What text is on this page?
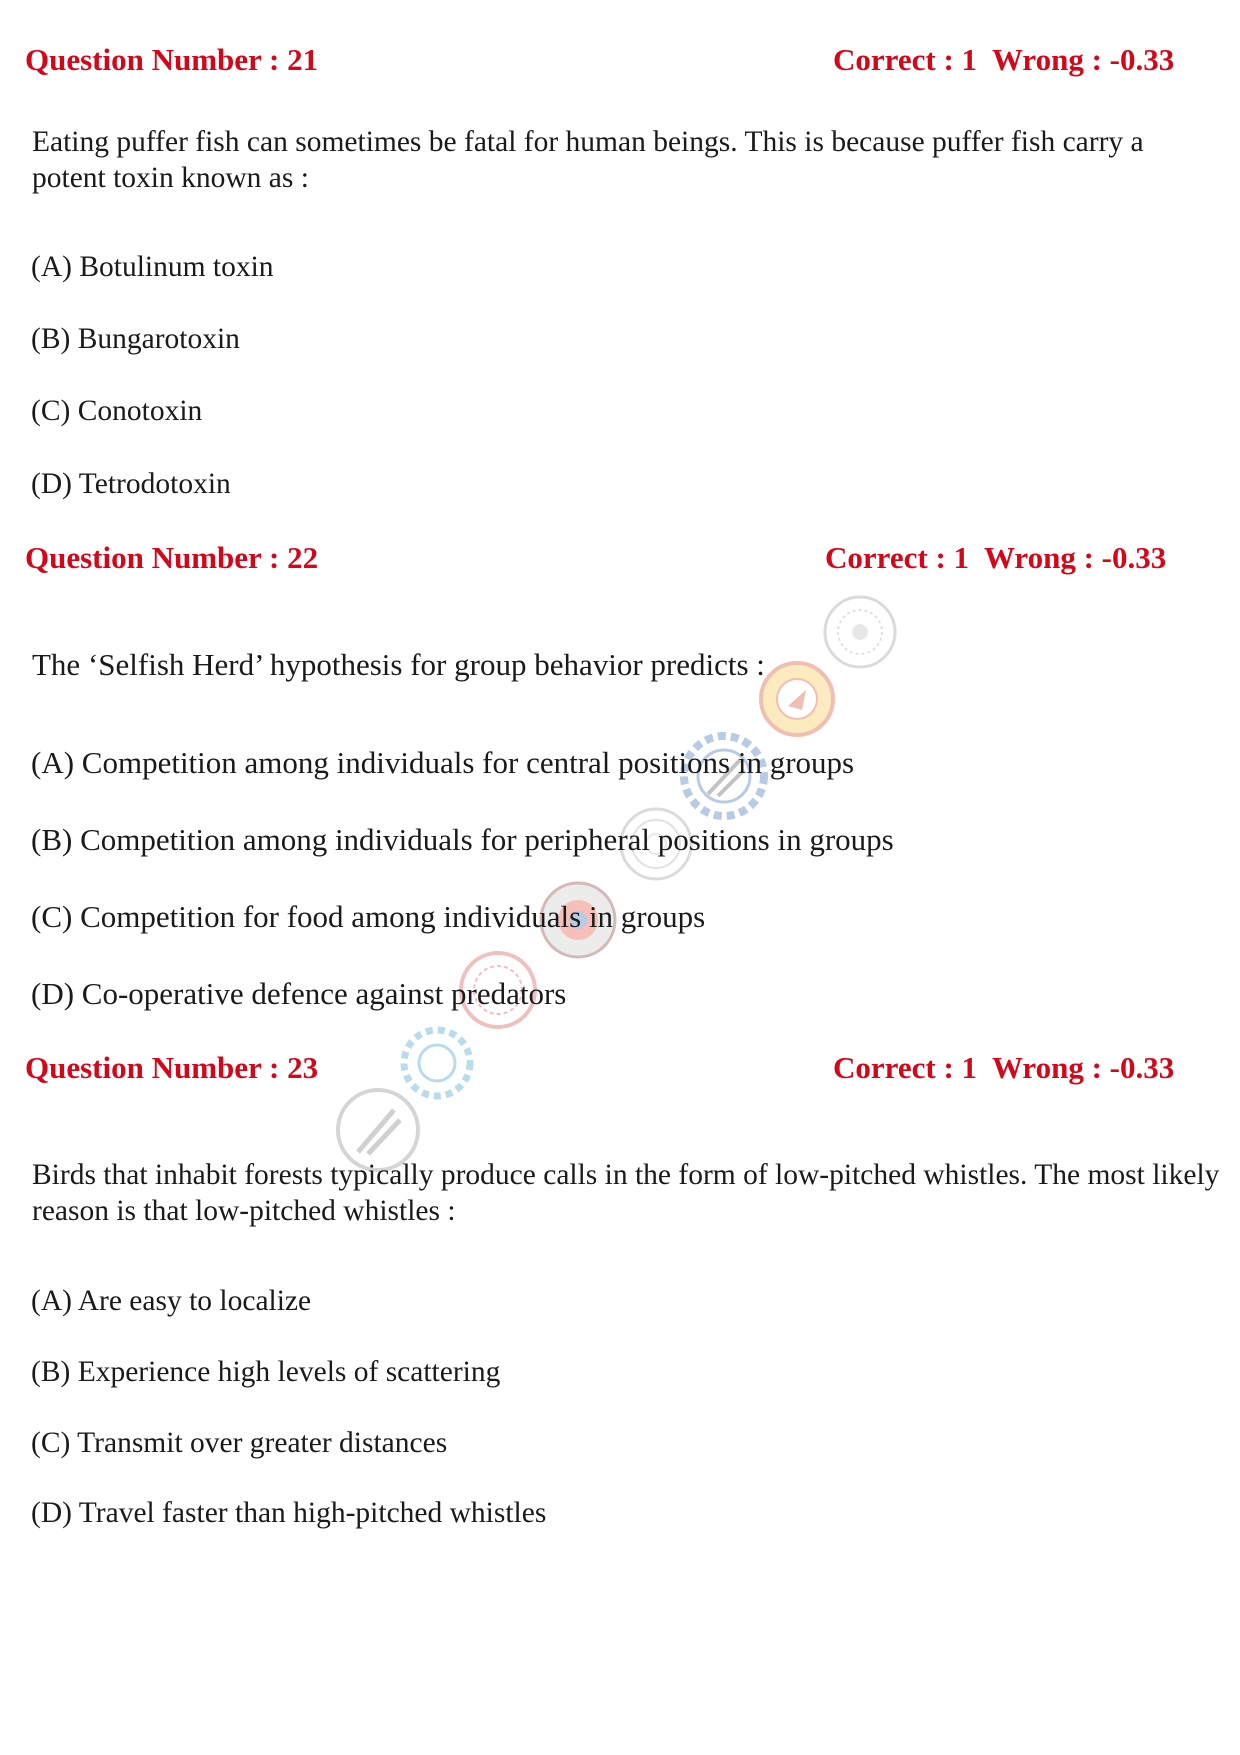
Question Number : 21	Correct : 1  Wrong : -0.33
Eating puffer fish can sometimes be fatal for human beings. This is because puffer fish carry a potent toxin known as :
(A) Botulinum toxin
(B) Bungarotoxin
(C) Conotoxin
(D) Tetrodotoxin
Question Number : 22	Correct : 1  Wrong : -0.33
The ‘Selfish Herd’ hypothesis for group behavior predicts :
(A) Competition among individuals for central positions in groups
(B) Competition among individuals for peripheral positions in groups
(C) Competition for food among individuals in groups
(D) Co-operative defence against predators
Question Number : 23	Correct : 1  Wrong : -0.33
Birds that inhabit forests typically produce calls in the form of low-pitched whistles. The most likely reason is that low-pitched whistles :
(A) Are easy to localize
(B) Experience high levels of scattering
(C) Transmit over greater distances
(D) Travel faster than high-pitched whistles
